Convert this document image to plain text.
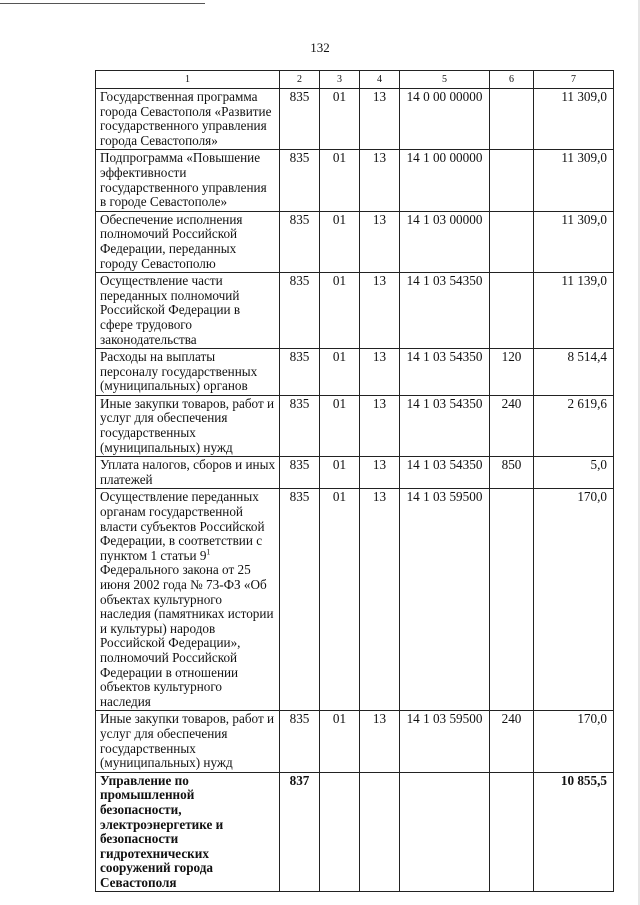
132
1	2	3	4	5	6	7
Государственная программа города Севастополя «Развитие государственного управления города Севастополя»	835	01	13	14 0 00 00000		11 309,0
Подпрограмма «Повышение эффективности государственного управления в городе Севастополе»	835	01	13	14 1 00 00000		11 309,0
Обеспечение исполнения полномочий Российской Федерации, переданных городу Севастополю	835	01	13	14 1 03 00000		11 309,0
Осуществление части переданных полномочий Российской Федерации в сфере трудового законодательства	835	01	13	14 1 03 54350		11 139,0
Расходы на выплаты персоналу государственных (муниципальных) органов	835	01	13	14 1 03 54350	120	8 514,4
Иные закупки товаров, работ и услуг для обеспечения государственных (муниципальных) нужд	835	01	13	14 1 03 54350	240	2 619,6
Уплата налогов, сборов и иных платежей	835	01	13	14 1 03 54350	850	5,0
Осуществление переданных органам государственной власти субъектов Российской Федерации, в соответствии с пунктом 1 статьи $9^1$ Федерального закона от 25 июня 2002 года № 73-ФЗ «Об объектах культурного наследия (памятниках истории и культуры) народов Российской Федерации», полномочий Российской Федерации в отношении объектов культурного наследия	835	01	13	14 1 03 59500		170,0
Иные закупки товаров, работ и услуг для обеспечения государственных (муниципальных) нужд	835	01	13	14 1 03 59500	240	170,0
Управление по промышленной безопасности, электроэнергетике и безопасности гидротехнических сооружений города Севастополя	837					10 855,5
